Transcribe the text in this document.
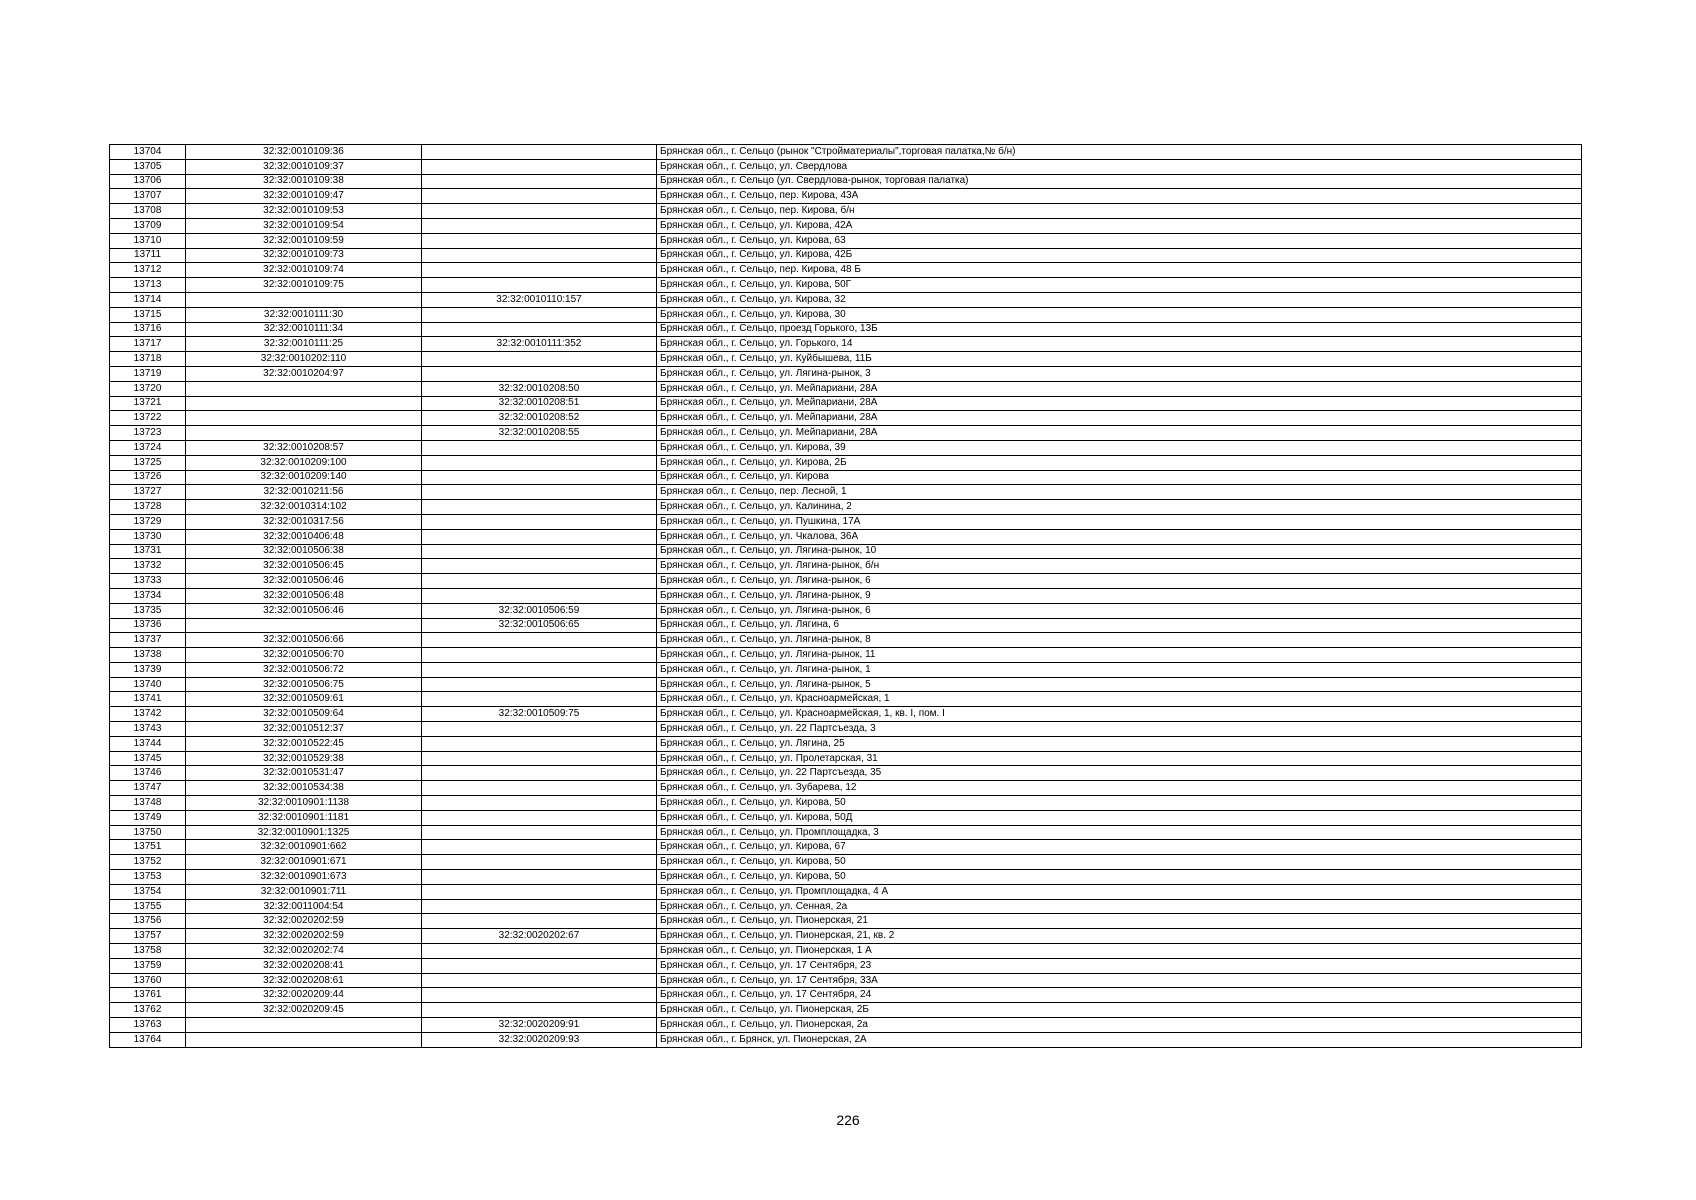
13704	32:32:0010109:36		Брянская обл., г. Сельцо (рынок "Стройматериалы",торговая палатка,№ б/н)
13705	32:32:0010109:37		Брянская обл., г. Сельцо, ул. Свердлова
13706	32:32:0010109:38		Брянская обл., г. Сельцо (ул. Свердлова-рынок, торговая палатка)
13707	32:32:0010109:47		Брянская обл., г. Сельцо, пер. Кирова, 43А
13708	32:32:0010109:53		Брянская обл., г. Сельцо, пер. Кирова, б/н
13709	32:32:0010109:54		Брянская обл., г. Сельцо, ул. Кирова, 42А
13710	32:32:0010109:59		Брянская обл., г. Сельцо, ул. Кирова, 63
13711	32:32:0010109:73		Брянская обл., г. Сельцо, ул. Кирова, 42Б
13712	32:32:0010109:74		Брянская обл., г. Сельцо, пер. Кирова, 48 Б
13713	32:32:0010109:75		Брянская обл., г. Сельцо, ул. Кирова, 50Г
13714		32:32:0010110:157	Брянская обл., г. Сельцо, ул. Кирова, 32
13715	32:32:0010111:30		Брянская обл., г. Сельцо, ул. Кирова, 30
13716	32:32:0010111:34		Брянская обл., г. Сельцо, проезд Горького, 13Б
13717	32:32:0010111:25	32:32:0010111:352	Брянская обл., г. Сельцо, ул. Горького, 14
13718	32:32:0010202:110		Брянская обл., г. Сельцо, ул. Куйбышева, 11Б
13719	32:32:0010204:97		Брянская обл., г. Сельцо, ул. Лягина-рынок, 3
13720		32:32:0010208:50	Брянская обл., г. Сельцо, ул. Мейпариани, 28А
13721		32:32:0010208:51	Брянская обл., г. Сельцо, ул. Мейпариани, 28А
13722		32:32:0010208:52	Брянская обл., г. Сельцо, ул. Мейпариани, 28А
13723		32:32:0010208:55	Брянская обл., г. Сельцо, ул. Мейпариани, 28А
13724	32:32:0010208:57		Брянская обл., г. Сельцо, ул. Кирова, 39
13725	32:32:0010209:100		Брянская обл., г. Сельцо, ул. Кирова, 2Б
13726	32:32:0010209:140		Брянская обл., г. Сельцо, ул. Кирова
13727	32:32:0010211:56		Брянская обл., г. Сельцо, пер. Лесной, 1
13728	32:32:0010314:102		Брянская обл., г. Сельцо, ул. Калинина, 2
13729	32:32:0010317:56		Брянская обл., г. Сельцо, ул. Пушкина, 17А
13730	32:32:0010406:48		Брянская обл., г. Сельцо, ул. Чкалова, 36А
13731	32:32:0010506:38		Брянская обл., г. Сельцо, ул. Лягина-рынок, 10
13732	32:32:0010506:45		Брянская обл., г. Сельцо, ул. Лягина-рынок, б/н
13733	32:32:0010506:46		Брянская обл., г. Сельцо, ул. Лягина-рынок, 6
13734	32:32:0010506:48		Брянская обл., г. Сельцо, ул. Лягина-рынок, 9
13735	32:32:0010506:46	32:32:0010506:59	Брянская обл., г. Сельцо, ул. Лягина-рынок, 6
13736		32:32:0010506:65	Брянская обл., г. Сельцо, ул. Лягина, 6
13737	32:32:0010506:66		Брянская обл., г. Сельцо, ул. Лягина-рынок, 8
13738	32:32:0010506:70		Брянская обл., г. Сельцо, ул. Лягина-рынок, 11
13739	32:32:0010506:72		Брянская обл., г. Сельцо, ул. Лягина-рынок, 1
13740	32:32:0010506:75		Брянская обл., г. Сельцо, ул. Лягина-рынок, 5
13741	32:32:0010509:61		Брянская обл., г. Сельцо, ул. Красноармейская, 1
13742	32:32:0010509:64	32:32:0010509:75	Брянская обл., г. Сельцо, ул. Красноармейская, 1, кв. I, пом. I
13743	32:32:0010512:37		Брянская обл., г. Сельцо, ул. 22 Партсъезда, 3
13744	32:32:0010522:45		Брянская обл., г. Сельцо, ул. Лягина, 25
13745	32:32:0010529:38		Брянская обл., г. Сельцо, ул. Пролетарская, 31
13746	32:32:0010531:47		Брянская обл., г. Сельцо, ул. 22 Партсъезда, 35
13747	32:32:0010534:38		Брянская обл., г. Сельцо, ул. Зубарева, 12
13748	32:32:0010901:1138		Брянская обл., г. Сельцо, ул. Кирова, 50
13749	32:32:0010901:1181		Брянская обл., г. Сельцо, ул. Кирова, 50Д
13750	32:32:0010901:1325		Брянская обл., г. Сельцо, ул. Промплощадка, 3
13751	32:32:0010901:662		Брянская обл., г. Сельцо, ул. Кирова, 67
13752	32:32:0010901:671		Брянская обл., г. Сельцо, ул. Кирова, 50
13753	32:32:0010901:673		Брянская обл., г. Сельцо, ул. Кирова, 50
13754	32:32:0010901:711		Брянская обл., г. Сельцо, ул. Промплощадка, 4 А
13755	32:32:0011004:54		Брянская обл., г. Сельцо, ул. Сенная, 2а
13756	32:32:0020202:59		Брянская обл., г. Сельцо, ул. Пионерская, 21
13757	32:32:0020202:59	32:32:0020202:67	Брянская обл., г. Сельцо, ул. Пионерская, 21, кв. 2
13758	32:32:0020202:74		Брянская обл., г. Сельцо, ул. Пионерская, 1 А
13759	32:32:0020208:41		Брянская обл., г. Сельцо, ул. 17 Сентября, 23
13760	32:32:0020208:61		Брянская обл., г. Сельцо, ул. 17 Сентября, 33А
13761	32:32:0020209:44		Брянская обл., г. Сельцо, ул. 17 Сентября, 24
13762	32:32:0020209:45		Брянская обл., г. Сельцо, ул. Пионерская, 2Б
13763		32:32:0020209:91	Брянская обл., г. Сельцо, ул. Пионерская, 2а
13764		32:32:0020209:93	Брянская обл., г. Брянск, ул. Пионерская, 2А
226
